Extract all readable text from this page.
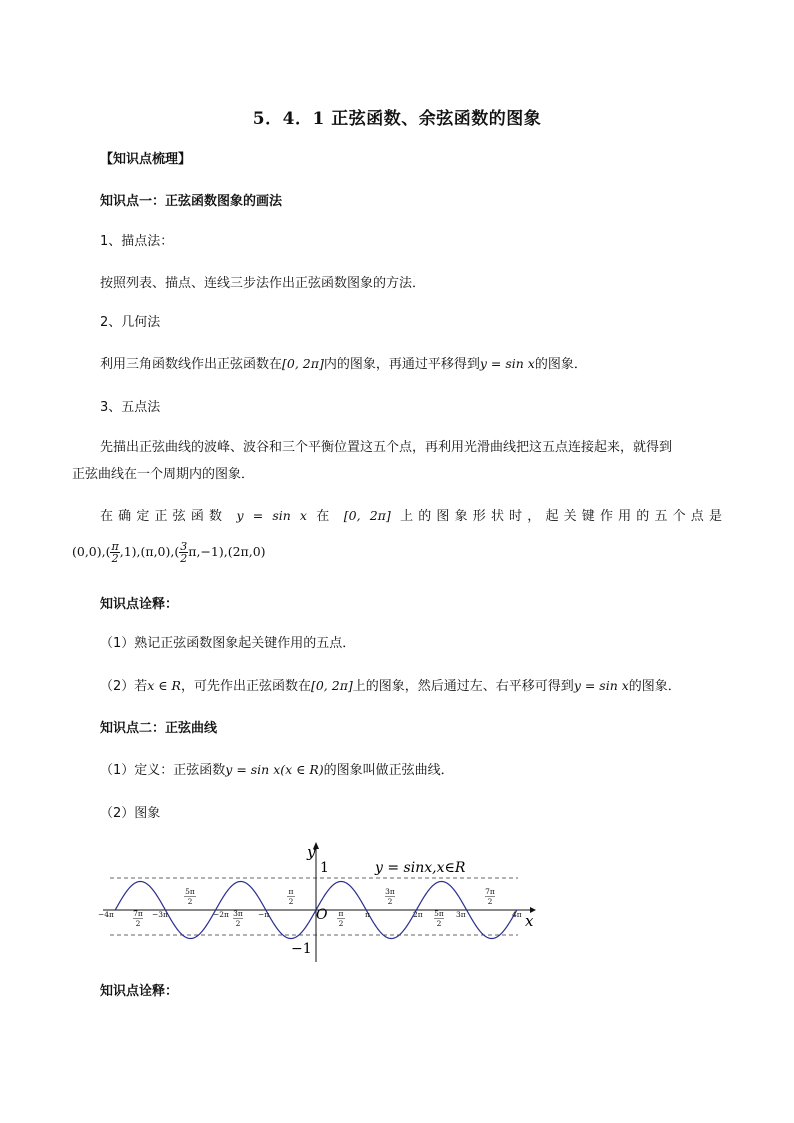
5．4．1 正弦函数、余弦函数的图象
【知识点梳理】
知识点一：正弦函数图象的画法
1、描点法：
按照列表、描点、连线三步法作出正弦函数图象的方法．
2、几何法
利用三角函数线作出正弦函数在[0, 2π]内的图象，再通过平移得到y = sin x的图象．
3、五点法
先描出正弦曲线的波峰、波谷和三个平衡位置这五个点，再利用光滑曲线把这五点连接起来，就得到
正弦曲线在一个周期内的图象．
在确定正弦函数 y = sin x 在 [0, 2π] 上的图象形状时，起关键作用的五个点是
$(0,0),( \frac{\pi}{2} ,1),(\pi,0),( \frac{3}{2} \pi,-1),(2\pi,0)$
知识点诠释：
（1）熟记正弦函数图象起关键作用的五点．
（2）若x ∈ R，可先作出正弦函数在[0, 2π]上的图象，然后通过左、右平移可得到y = sin x的图象．
知识点二：正弦曲线
（1）定义：正弦函数y = sin x(x ∈ R)的图象叫做正弦曲线．
（2）图象
x
y
O
1
−1
y = sinx,x∈R
−4π	−3π	−2π	−π	π	2π	3π	4π
7π
2
5π
2
3π
2
π
2
π
2
3π
2
5π
2
7π
2
知识点诠释：
